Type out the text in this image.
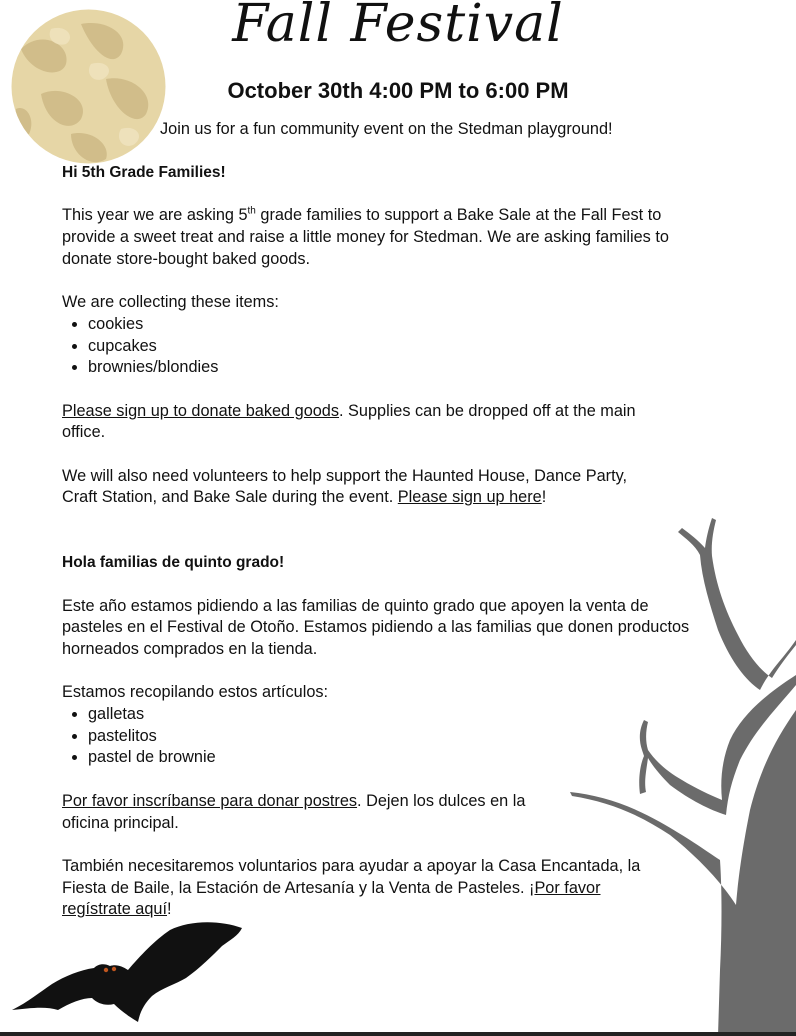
Fall Festival
October 30th 4:00 PM to 6:00 PM

Join us for a fun community event on the Stedman playground!

Hi 5th Grade Families!

This year we are asking 5th grade families to support a Bake Sale at the Fall Fest to provide a sweet treat and raise a little money for Stedman. We are asking families to donate store-bought baked goods.

We are collecting these items:

• cookies
• cupcakes
• brownies/blondies

Please sign up to donate baked goods. Supplies can be dropped off at the main office.

We will also need volunteers to help support the Haunted House, Dance Party, Craft Station, and Bake Sale during the event. Please sign up here!

Hola familias de quinto grado!

Este año estamos pidiendo a las familias de quinto grado que apoyen la venta de pasteles en el Festival de Otoño. Estamos pidiendo a las familias que donen productos horneados comprados en la tienda.

Estamos recopilando estos artículos:

• galletas
• pastelitos
• pastel de brownie

Por favor inscríbanse para donar postres. Dejen los dulces en la oficina principal.

También necesitaremos voluntarios para ayudar a apoyar la Casa Encantada, la Fiesta de Baile, la Estación de Artesanía y la Venta de Pasteles. ¡Por favor regístrate aquí!
